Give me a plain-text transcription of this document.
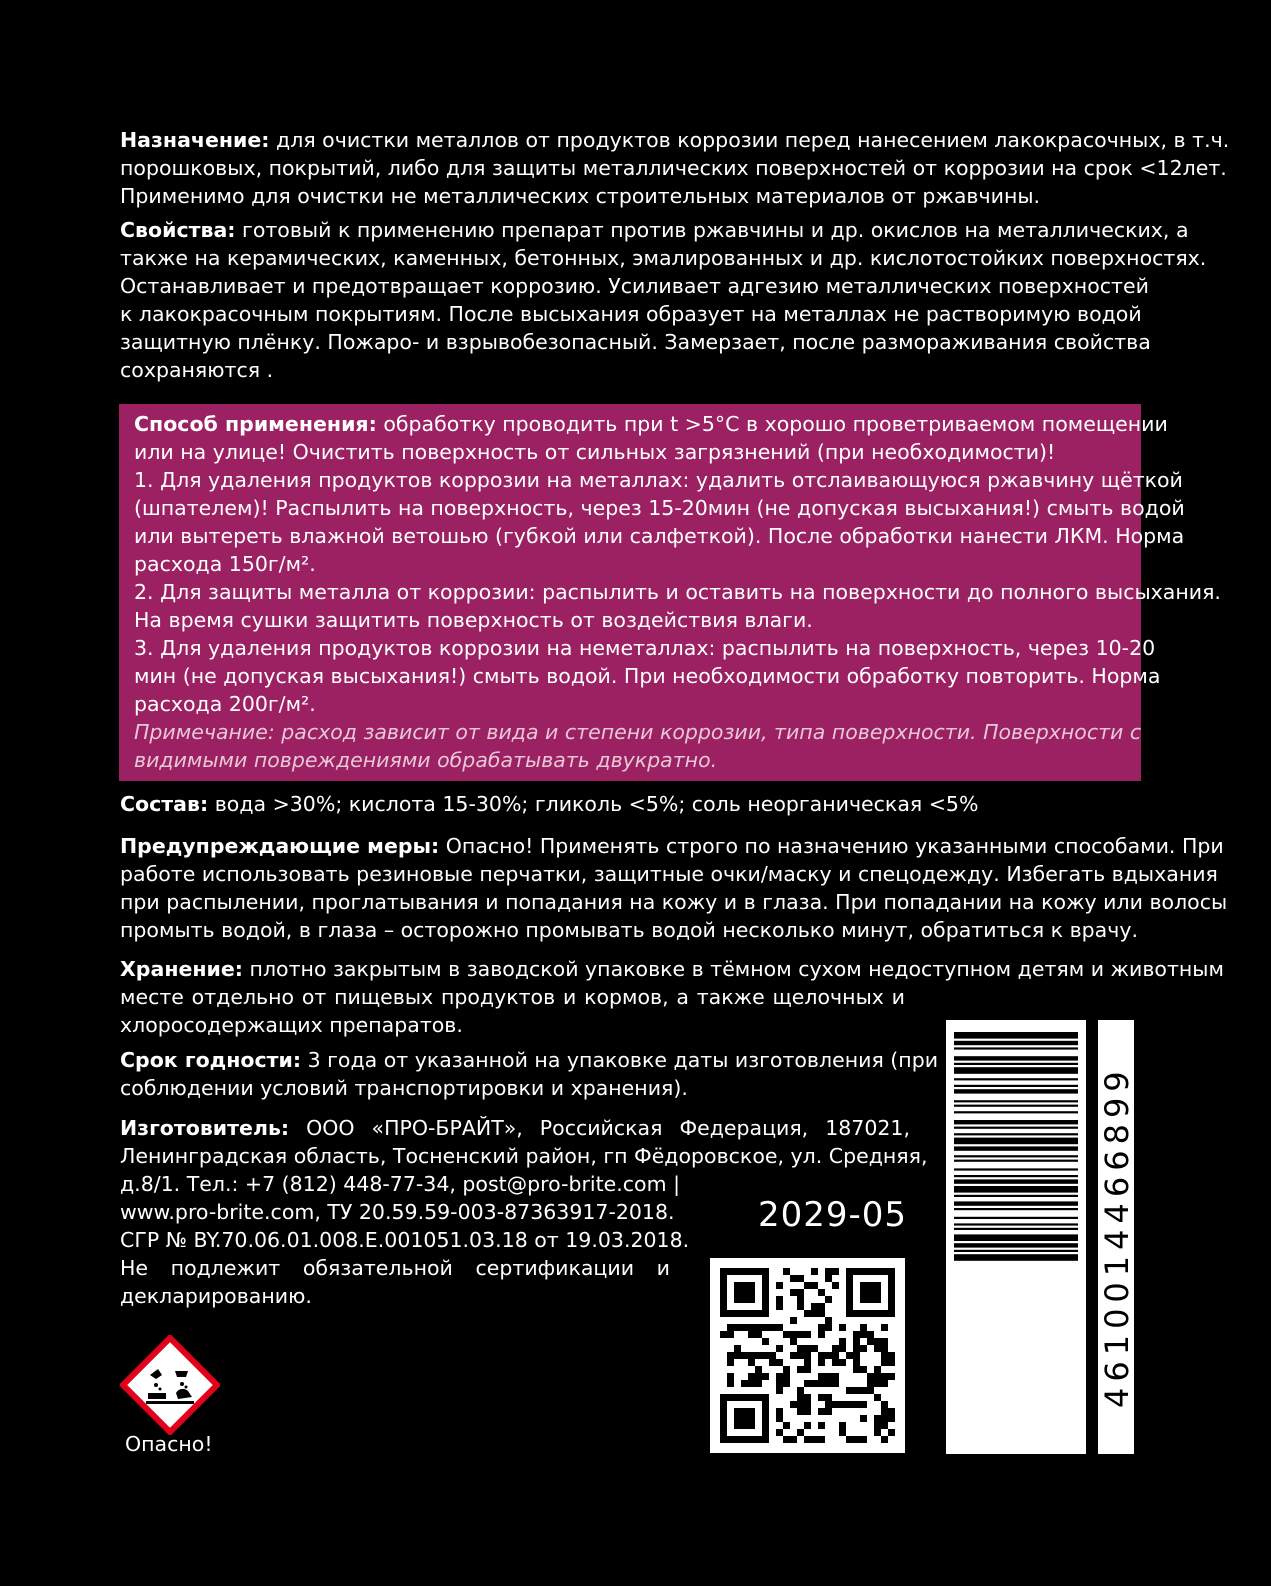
Назначение: для очистки металлов от продуктов коррозии перед нанесением лакокрасочных, в т.ч.
порошковых, покрытий, либо для защиты металлических поверхностей от коррозии на срок <12лет.
Применимо для очистки не металлических строительных материалов от ржавчины.
Свойства: готовый к применению препарат против ржавчины и др. окислов на металлических, а
также на керамических, каменных, бетонных, эмалированных и др. кислотостойких поверхностях.
Останавливает и предотвращает коррозию. Усиливает адгезию металлических поверхностей
к лакокрасочным покрытиям. После высыхания образует на металлах не растворимую водой
защитную плёнку. Пожаро- и взрывобезопасный. Замерзает, после размораживания свойства
сохраняются .
Способ применения: обработку проводить при t >5°С в хорошо проветриваемом помещении
или на улице! Очистить поверхность от сильных загрязнений (при необходимости)!
1. Для удаления продуктов коррозии на металлах: удалить отслаивающуюся ржавчину щёткой
(шпателем)! Распылить на поверхность, через 15-20мин (не допуская высыхания!) смыть водой
или вытереть влажной ветошью (губкой или салфеткой). После обработки нанести ЛКМ. Норма
расхода 150г/м².
2. Для защиты металла от коррозии: распылить и оставить на поверхности до полного высыхания.
На время сушки защитить поверхность от воздействия влаги.
3. Для удаления продуктов коррозии на неметаллах: распылить на поверхность, через 10-20
мин (не допуская высыхания!) смыть водой. При необходимости обработку повторить. Норма
расхода 200г/м².
Примечание: расход зависит от вида и степени коррозии, типа поверхности. Поверхности с
видимыми повреждениями обрабатывать двукратно.
Состав: вода >30%; кислота 15-30%; гликоль <5%; соль неорганическая <5%
Предупреждающие меры: Опасно! Применять строго по назначению указанными способами. При
работе использовать резиновые перчатки, защитные очки/маску и спецодежду. Избегать вдыхания
при распылении, проглатывания и попадания на кожу и в глаза. При попадании на кожу или волосы
промыть водой, в глаза – осторожно промывать водой несколько минут, обратиться к врачу.
Хранение: плотно закрытым в заводской упаковке в тёмном сухом недоступном детям и животным
месте отдельно от пищевых продуктов и кормов, а также щелочных и
хлоросодержащих препаратов.
Срок годности: 3 года от указанной на упаковке даты изготовления (при
соблюдении условий транспортировки и хранения).
Изготовитель: ООО «ПРО-БРАЙТ», Российская Федерация, 187021,
Ленинградская область, Тосненский район, гп Фёдоровское, ул. Средняя,
д.8/1. Тел.: +7 (812) 448-77-34, post@pro-brite.com |
www.pro-brite.com, ТУ 20.59.59-003-87363917-2018.
СГР № BY.70.06.01.008.E.001051.03.18 от 19.03.2018.
Не подлежит обязательной сертификации и
декларированию.
2029-05	4610014466899
Опасно!
